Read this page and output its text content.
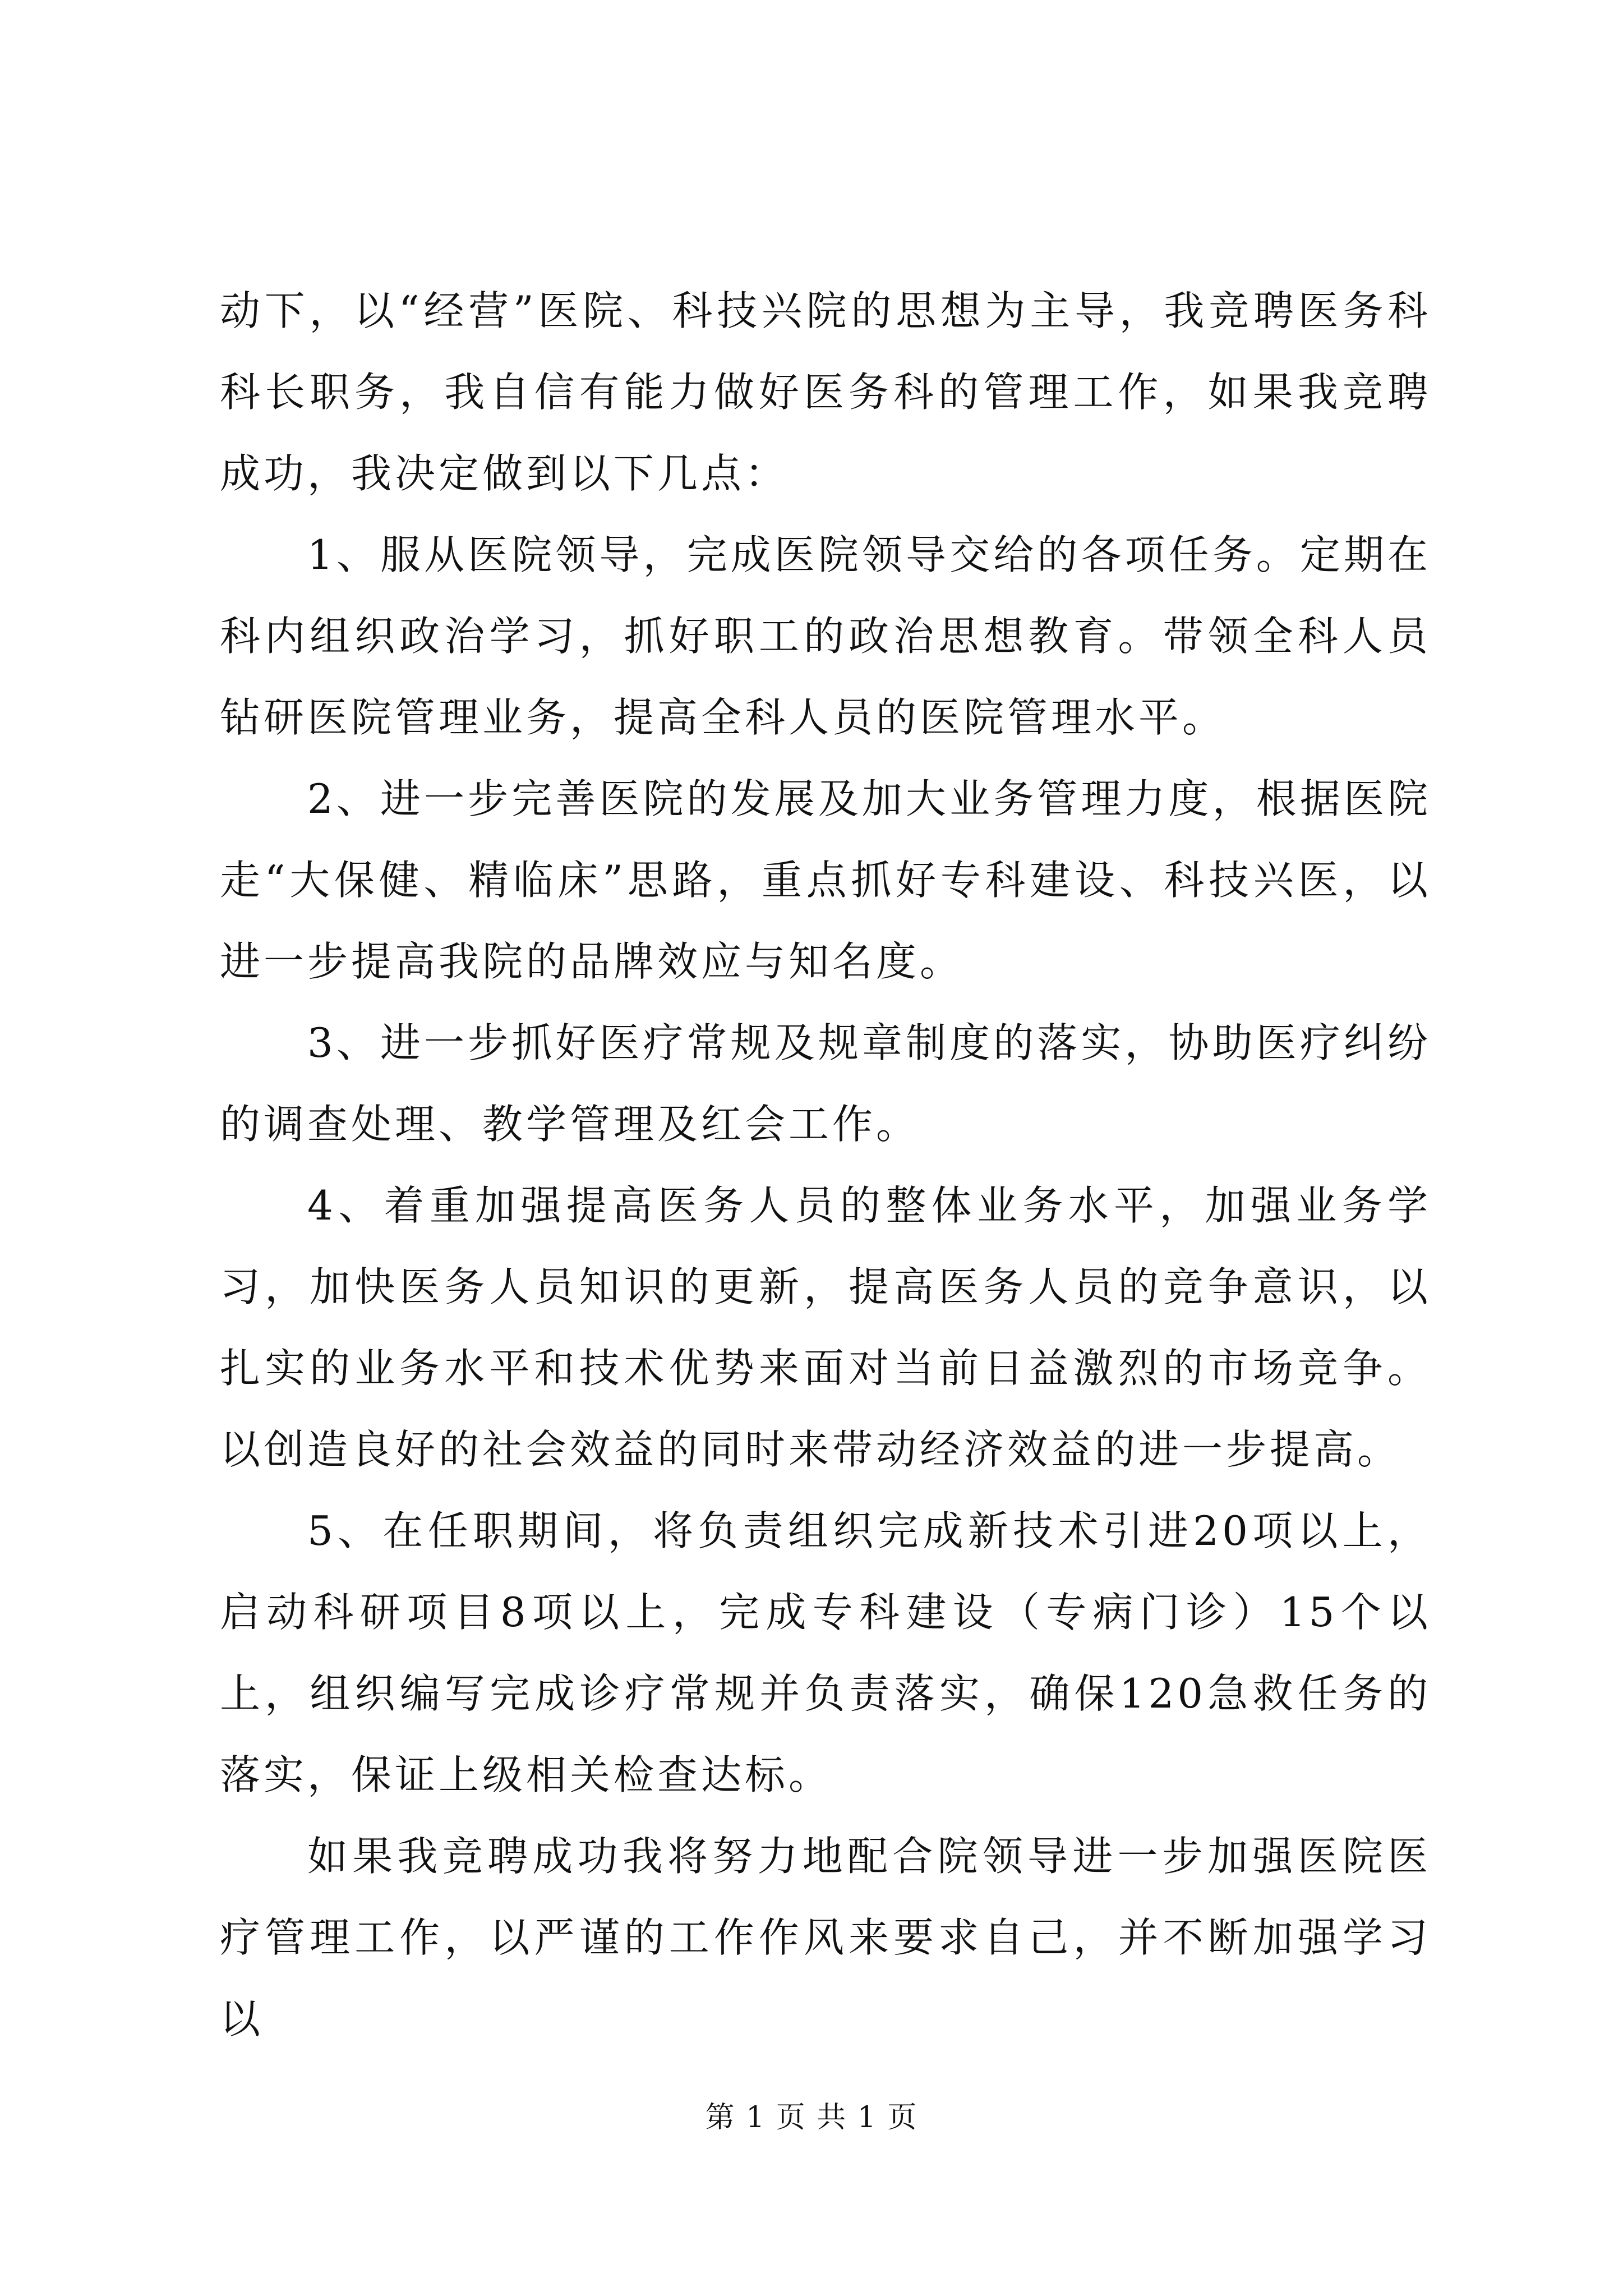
动下，以“经营”医院、科技兴院的思想为主导，我竞聘医务科科长职务，我自信有能力做好医务科的管理工作，如果我竞聘成功，我决定做到以下几点：

1、服从医院领导，完成医院领导交给的各项任务。定期在科内组织政治学习，抓好职工的政治思想教育。带领全科人员钻研医院管理业务，提高全科人员的医院管理水平。

2、进一步完善医院的发展及加大业务管理力度，根据医院走“大保健、精临床”思路，重点抓好专科建设、科技兴医，以进一步提高我院的品牌效应与知名度。

3、进一步抓好医疗常规及规章制度的落实，协助医疗纠纷的调查处理、教学管理及红会工作。

4、着重加强提高医务人员的整体业务水平，加强业务学习，加快医务人员知识的更新，提高医务人员的竞争意识，以扎实的业务水平和技术优势来面对当前日益激烈的市场竞争。以创造良好的社会效益的同时来带动经济效益的进一步提高。

5、在任职期间，将负责组织完成新技术引进20项以上，启动科研项目8项以上，完成专科建设（专病门诊）15个以上，组织编写完成诊疗常规并负责落实，确保120急救任务的落实，保证上级相关检查达标。

如果我竞聘成功我将努力地配合院领导进一步加强医院医疗管理工作，以严谨的工作作风来要求自己，并不断加强学习以

第 1 页 共 1 页
